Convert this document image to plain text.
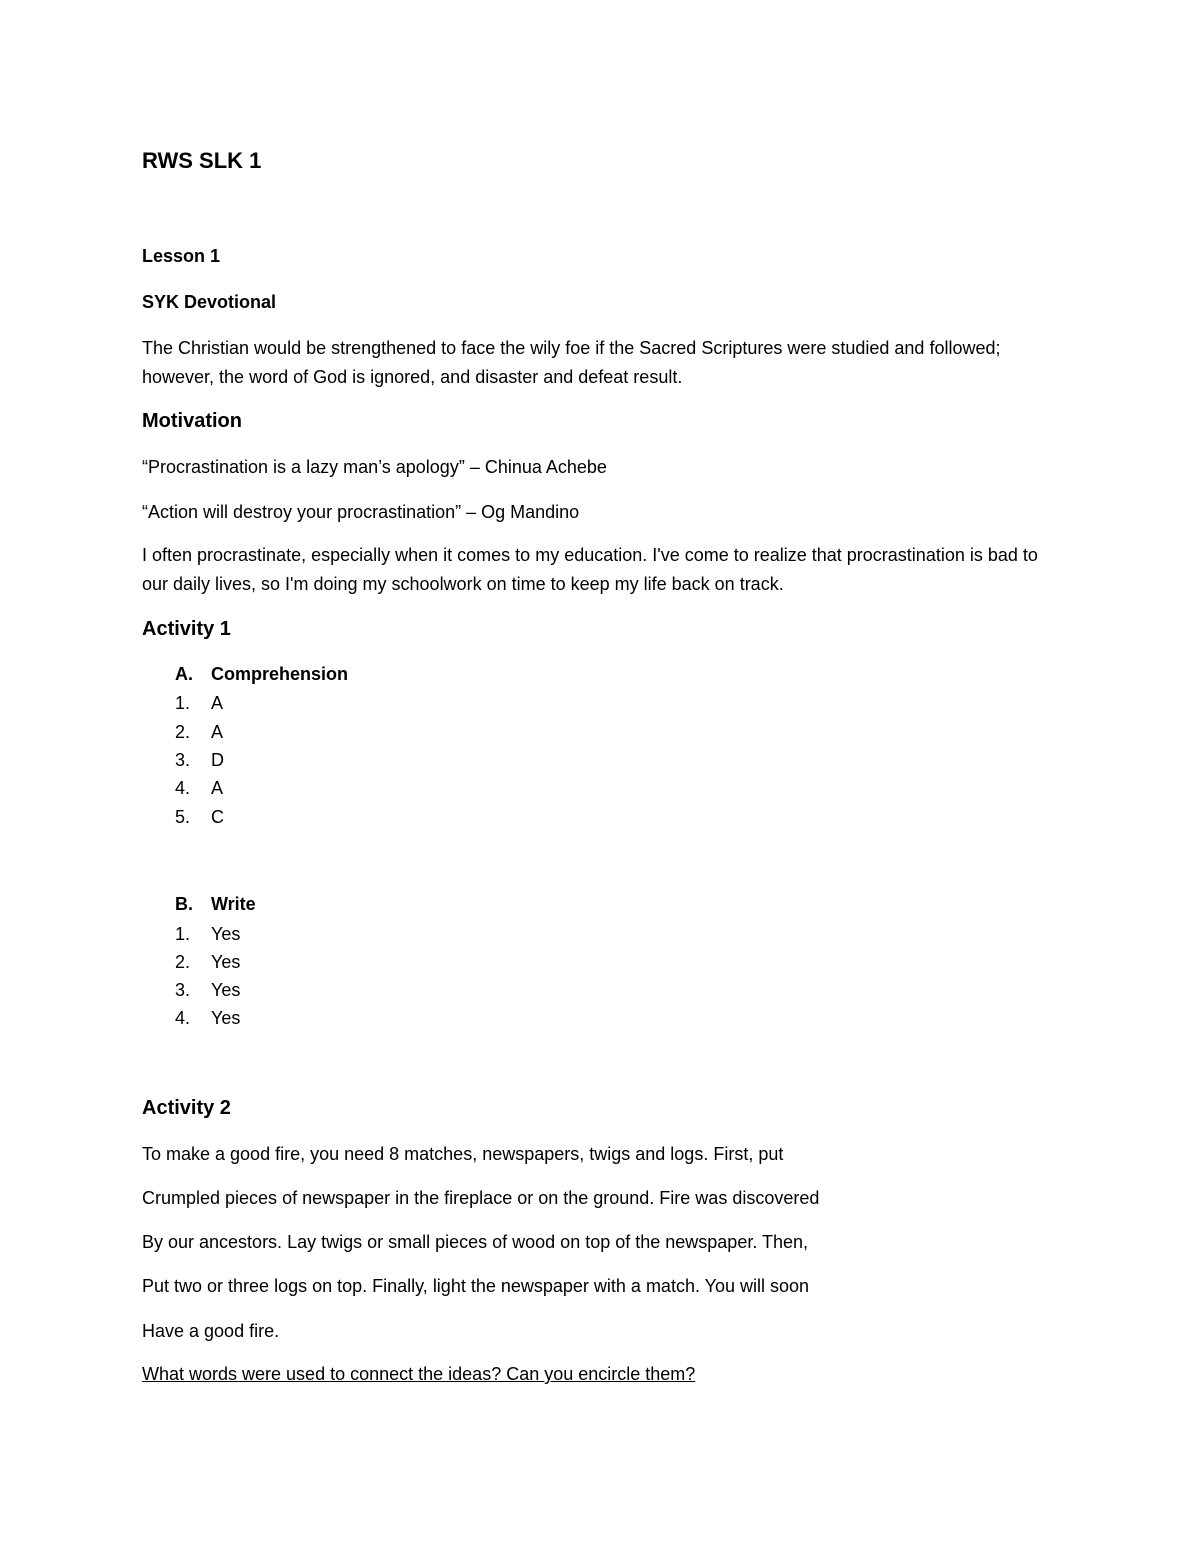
RWS SLK 1
Lesson 1
SYK Devotional
The Christian would be strengthened to face the wily foe if the Sacred Scriptures were studied and followed; however, the word of God is ignored, and disaster and defeat result.
Motivation
“Procrastination is a lazy man’s apology” – Chinua Achebe
“Action will destroy your procrastination” – Og Mandino
I often procrastinate, especially when it comes to my education. I've come to realize that procrastination is bad to our daily lives, so I'm doing my schoolwork on time to keep my life back on track.
Activity 1
A. Comprehension
1. A
2. A
3. D
4. A
5. C
B. Write
1. Yes
2. Yes
3. Yes
4. Yes
Activity 2
To make a good fire, you need 8 matches, newspapers, twigs and logs. First, put
Crumpled pieces of newspaper in the fireplace or on the ground. Fire was discovered
By our ancestors. Lay twigs or small pieces of wood on top of the newspaper. Then,
Put two or three logs on top. Finally, light the newspaper with a match. You will soon
Have a good fire.
What words were used to connect the ideas? Can you encircle them?
